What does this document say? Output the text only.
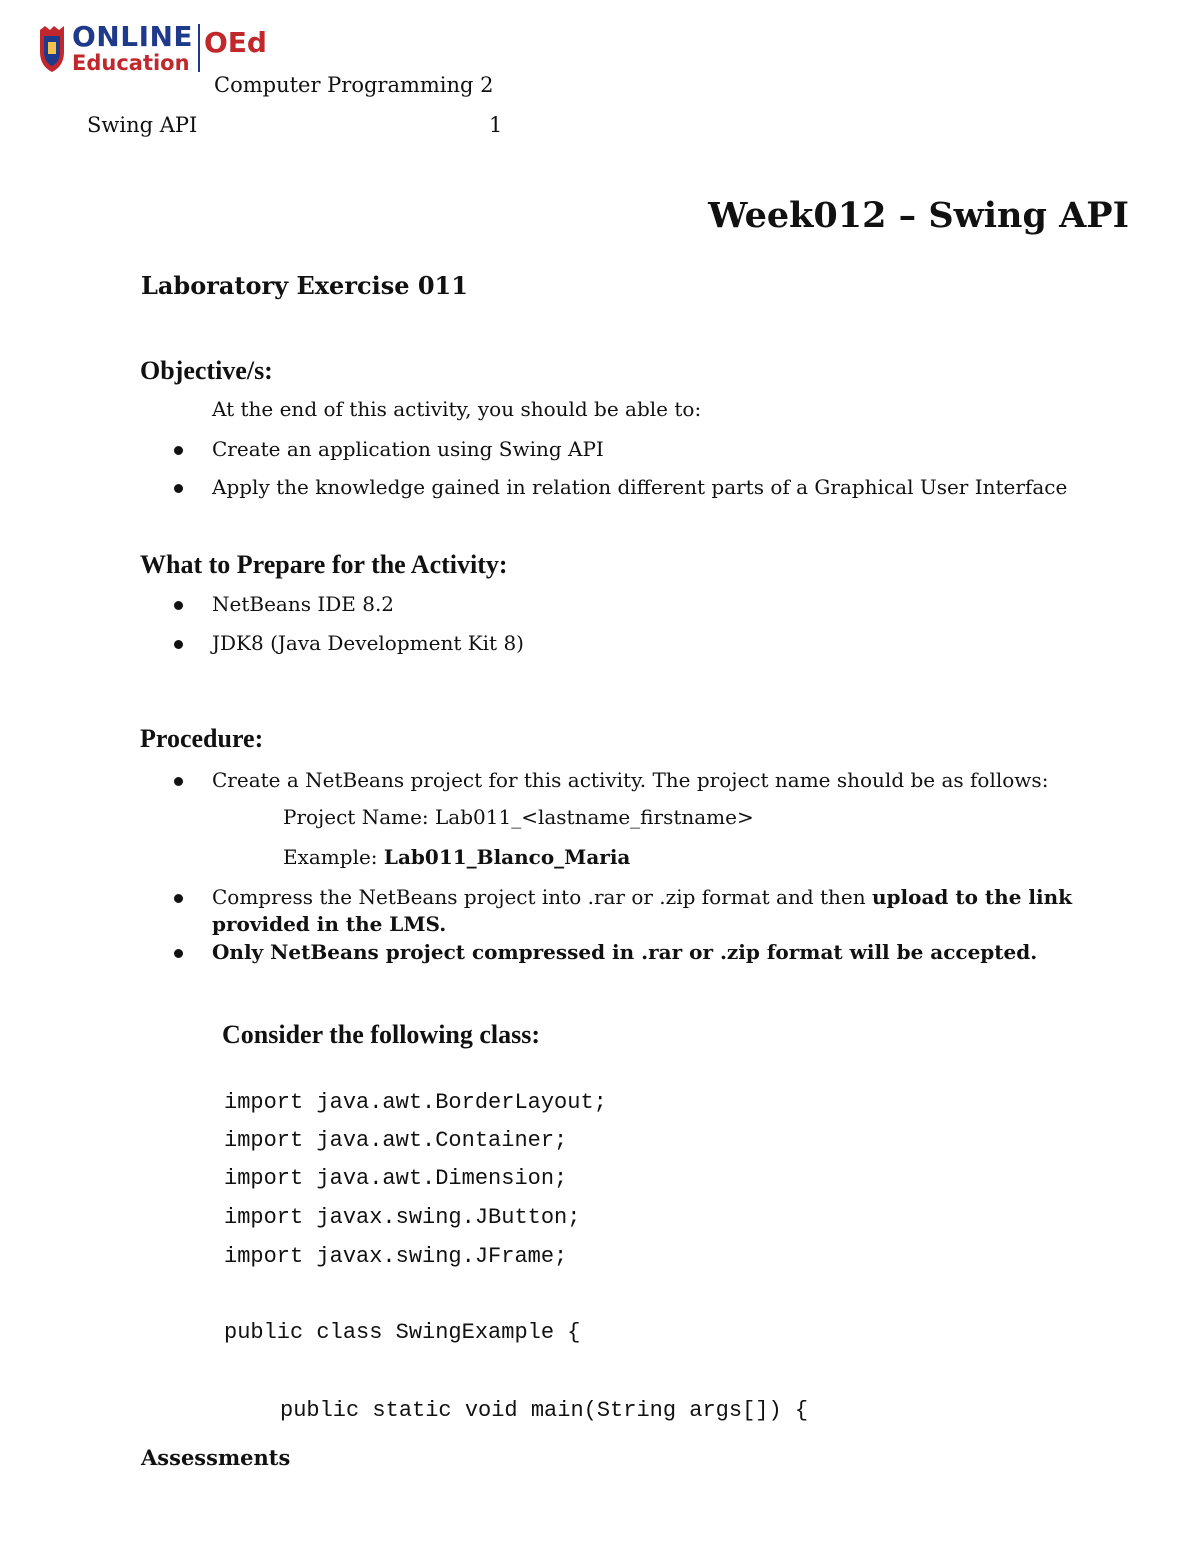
ONLINE
Education
OEd
Computer Programming 2
Swing API	1
Week012 – Swing API
Laboratory Exercise 011
Objective/s:
At the end of this activity, you should be able to:
Create an application using Swing API
Apply the knowledge gained in relation different parts of a Graphical User Interface
What to Prepare for the Activity:
NetBeans IDE 8.2
JDK8 (Java Development Kit 8)
Procedure:
Create a NetBeans project for this activity. The project name should be as follows:
Project Name: Lab011_<lastname_firstname>
Example: Lab011_Blanco_Maria
Compress the NetBeans project into .rar or .zip format and then upload to the link
provided in the LMS.
Only NetBeans project compressed in .rar or .zip format will be accepted.
Consider the following class:
import java.awt.BorderLayout;
import java.awt.Container;
import java.awt.Dimension;
import javax.swing.JButton;
import javax.swing.JFrame;
public class SwingExample {
public static void main(String args[]) {
Assessments
